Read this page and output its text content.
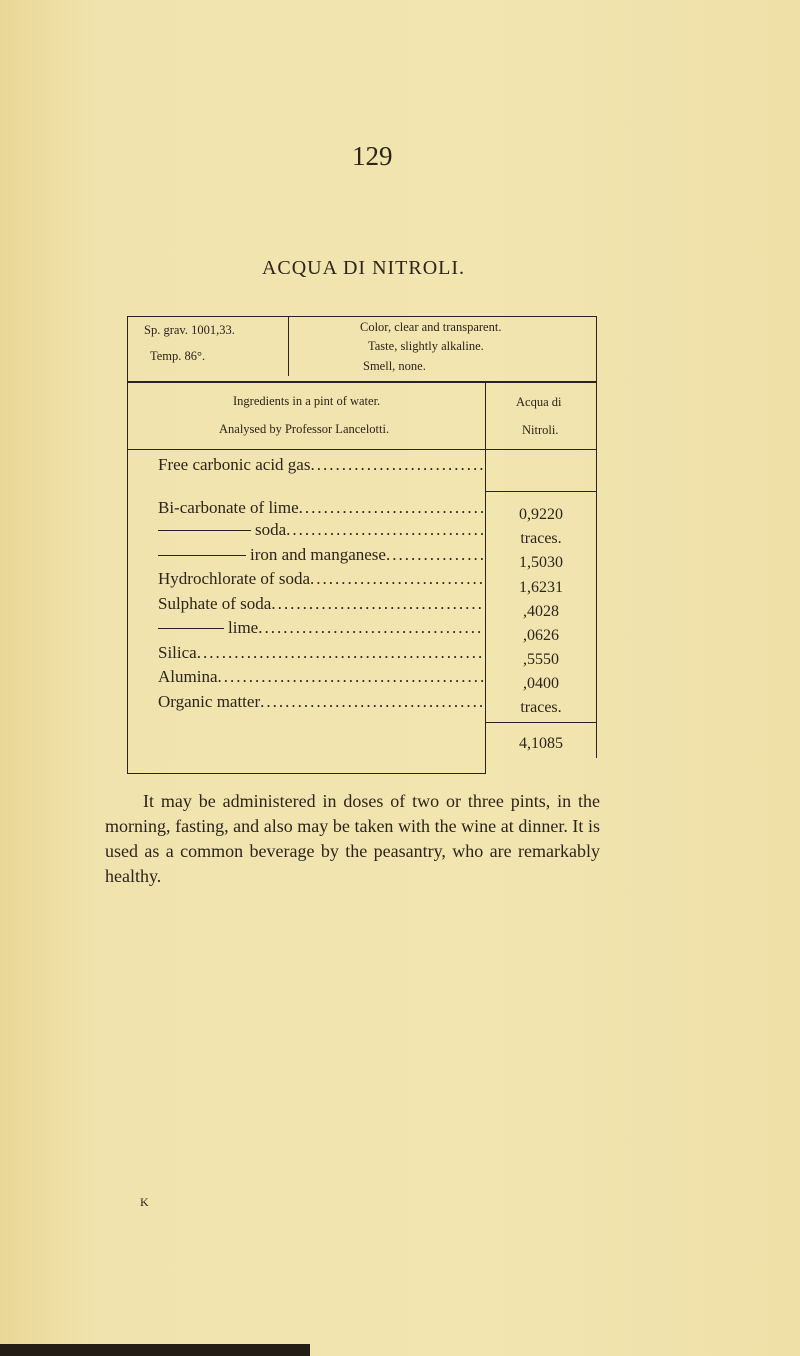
129
ACQUA DI NITROLI.
Sp. grav. 1001,33.
Temp. 86°.
Color, clear and transparent.
Taste, slightly alkaline.
Smell, none.
Ingredients in a pint of water.
Analysed by Professor Lancelotti.
Acqua di
Nitroli.
Free carbonic acid gas
.....
Bi-carbonate of lime
.....
soda
.....
iron and manganese
.....
Hydrochlorate of soda
.....
Sulphate of soda
.....
lime
.....
Silica
.....
Alumina
.....
Organic matter
.....
0,9220
traces.
1,5030
1,6231
,4028
,0626
,5550
,0400
traces.
4,1085
It may be administered in doses of two or three pints, in the morning, fasting, and also may be taken with the wine at dinner. It is used as a common beverage by the peasantry, who are remarkably healthy.
K
